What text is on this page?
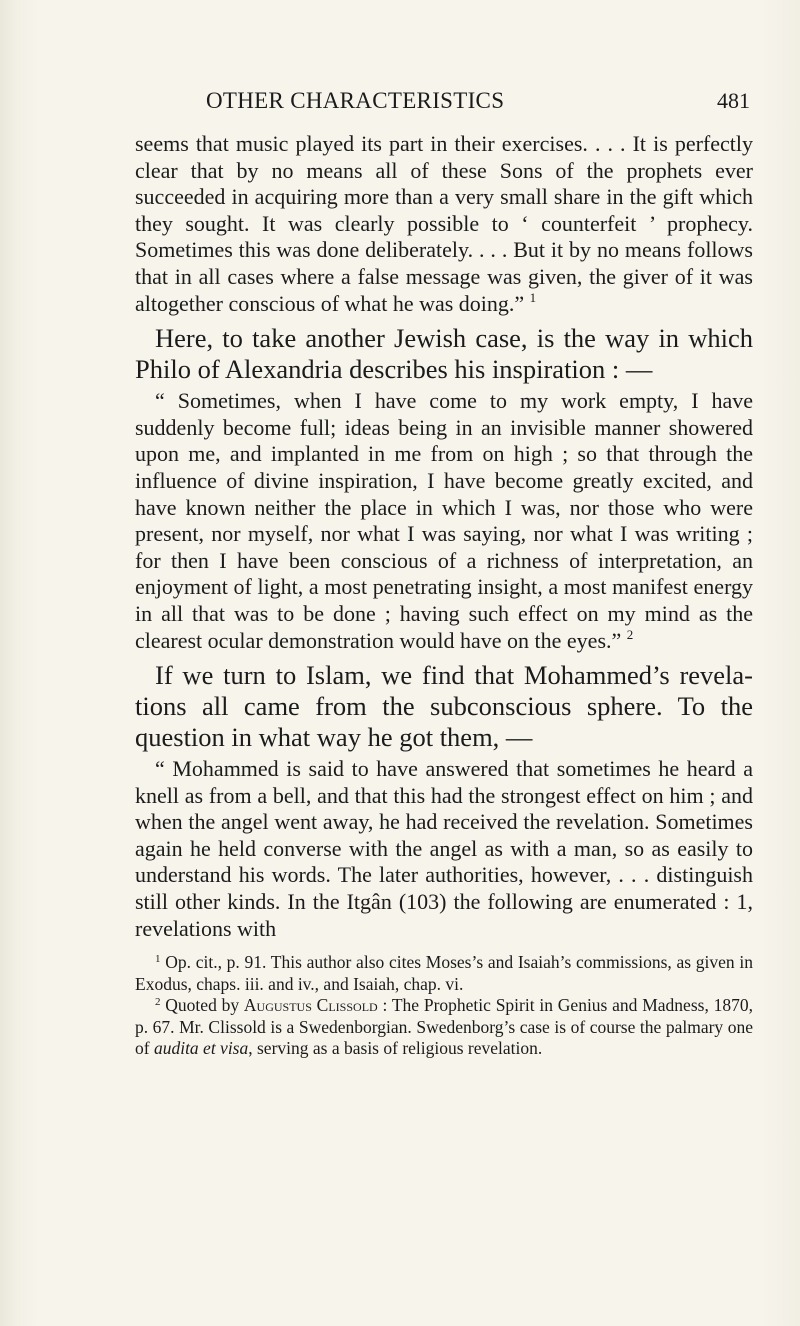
OTHER CHARACTERISTICS	481

seems that music played its part in their exercises. . . . It is perfectly clear that by no means all of these Sons of the prophets ever succeeded in acquiring more than a very small share in the gift which they sought. It was clearly possible to ‘ counterfeit ’ prophecy. Sometimes this was done deliberately. . . . But it by no means follows that in all cases where a false message was given, the giver of it was altogether conscious of what he was doing.” $^1$

Here, to take another Jewish case, is the way in which Philo of Alexandria describes his inspiration : —

“ Sometimes, when I have come to my work empty, I have suddenly become full; ideas being in an invisible manner showered upon me, and implanted in me from on high ; so that through the influence of divine inspiration, I have become greatly excited, and have known neither the place in which I was, nor those who were present, nor myself, nor what I was saying, nor what I was writing ; for then I have been conscious of a richness of interpretation, an enjoyment of light, a most penetrating insight, a most manifest energy in all that was to be done ; having such effect on my mind as the clearest ocular demonstration would have on the eyes.” $^2$

If we turn to Islam, we find that Mohammed’s revelations all came from the subconscious sphere. To the question in what way he got them, —

“ Mohammed is said to have answered that sometimes he heard a knell as from a bell, and that this had the strongest effect on him ; and when the angel went away, he had received the revelation. Sometimes again he held converse with the angel as with a man, so as easily to understand his words. The later authorities, however, . . . distinguish still other kinds. In the Itgân (103) the following are enumerated : 1, revelations with

$^1$ Op. cit., p. 91. This author also cites Moses’s and Isaiah’s commissions, as given in Exodus, chaps. iii. and iv., and Isaiah, chap. vi.

$^2$ Quoted by Augustus Clissold : The Prophetic Spirit in Genius and Madness, 1870, p. 67. Mr. Clissold is a Swedenborgian. Swedenborg’s case is of course the palmary one of audita et visa, serving as a basis of religious revelation.
